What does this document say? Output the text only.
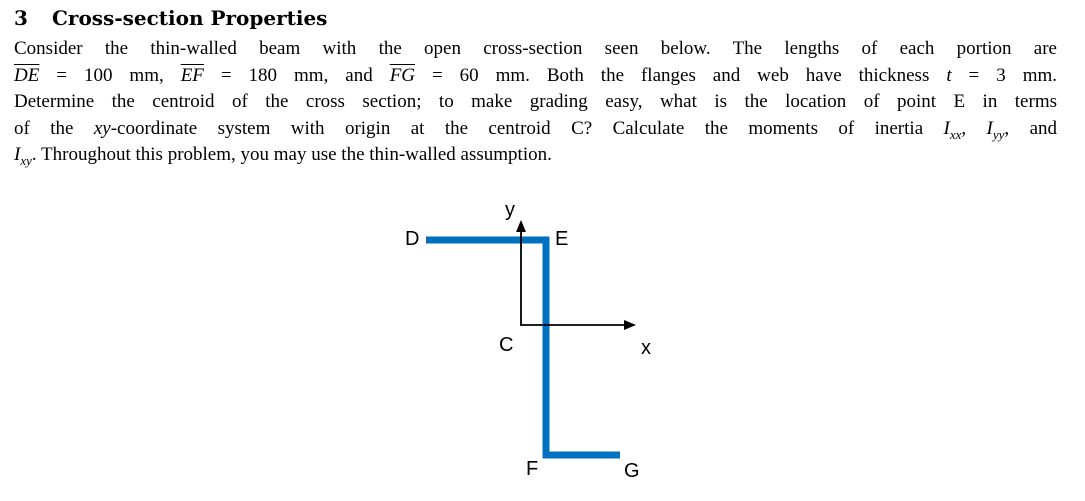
3 Cross-section Properties
Consider the thin-walled beam with the open cross-section seen below. The lengths of each portion are
$\overline{DE} = 100$ mm, $\overline{EF} = 180$ mm, and $\overline{FG} = 60$ mm. Both the flanges and web have thickness t = 3 mm.
Determine the centroid of the cross section; to make grading easy, what is the location of point E in terms
of the xy-coordinate system with origin at the centroid C? Calculate the moments of inertia $I_{xx}$, $I_{yy}$, and
$I_{xy}$. Throughout this problem, you may use the thin-walled assumption.
D	E
y
C	x
F	G
